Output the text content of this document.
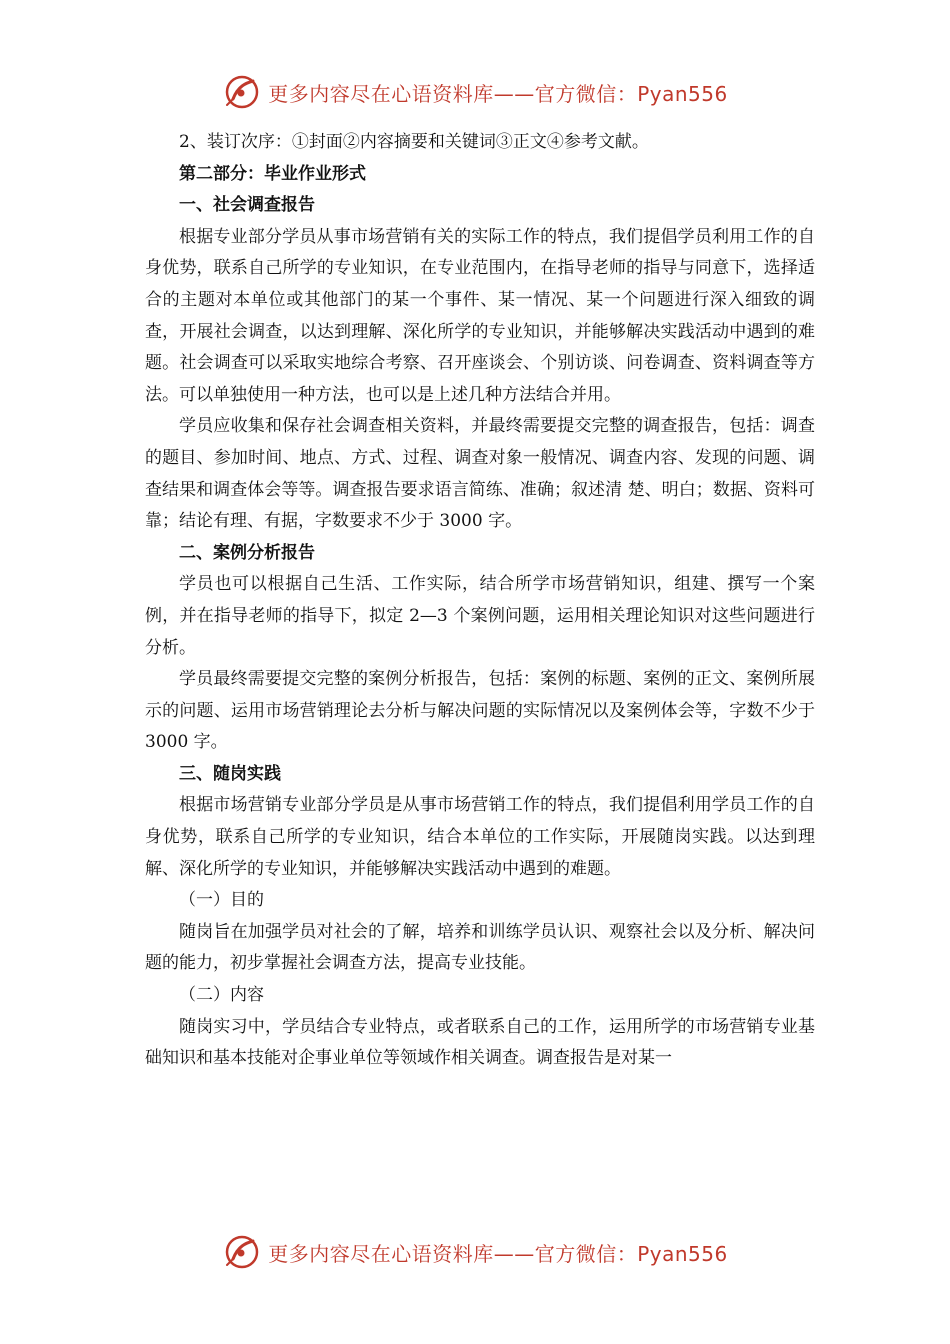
更多内容尽在心语资料库——官方微信：Pyan556

2、装订次序：①封面②内容摘要和关键词③正文④参考文献。

第二部分：毕业作业形式

一、社会调查报告

根据专业部分学员从事市场营销有关的实际工作的特点，我们提倡学员利用工作的自身优势，联系自己所学的专业知识，在专业范围内，在指导老师的指导与同意下，选择适合的主题对本单位或其他部门的某一个事件、某一情况、某一个问题进行深入细致的调查，开展社会调查，以达到理解、深化所学的专业知识，并能够解决实践活动中遇到的难题。社会调查可以采取实地综合考察、召开座谈会、个别访谈、问卷调查、资料调查等方法。可以单独使用一种方法，也可以是上述几种方法结合并用。

学员应收集和保存社会调查相关资料，并最终需要提交完整的调查报告，包括：调查的题目、参加时间、地点、方式、过程、调查对象一般情况、调查内容、发现的问题、调查结果和调查体会等等。调查报告要求语言简练、准确；叙述清 楚、明白；数据、资料可靠；结论有理、有据，字数要求不少于 3000 字。

二、案例分析报告

学员也可以根据自己生活、工作实际，结合所学市场营销知识，组建、撰写一个案例，并在指导老师的指导下，拟定 2—3 个案例问题，运用相关理论知识对这些问题进行分析。

学员最终需要提交完整的案例分析报告，包括：案例的标题、案例的正文、案例所展示的问题、运用市场营销理论去分析与解决问题的实际情况以及案例体会等，字数不少于 3000 字。

三、随岗实践

根据市场营销专业部分学员是从事市场营销工作的特点，我们提倡利用学员工作的自身优势，联系自己所学的专业知识，结合本单位的工作实际，开展随岗实践。以达到理解、深化所学的专业知识，并能够解决实践活动中遇到的难题。

（一）目的

随岗旨在加强学员对社会的了解，培养和训练学员认识、观察社会以及分析、解决问题的能力，初步掌握社会调查方法，提高专业技能。

（二）内容

随岗实习中，学员结合专业特点，或者联系自己的工作，运用所学的市场营销专业基础知识和基本技能对企事业单位等领域作相关调查。调查报告是对某一

更多内容尽在心语资料库——官方微信：Pyan556
